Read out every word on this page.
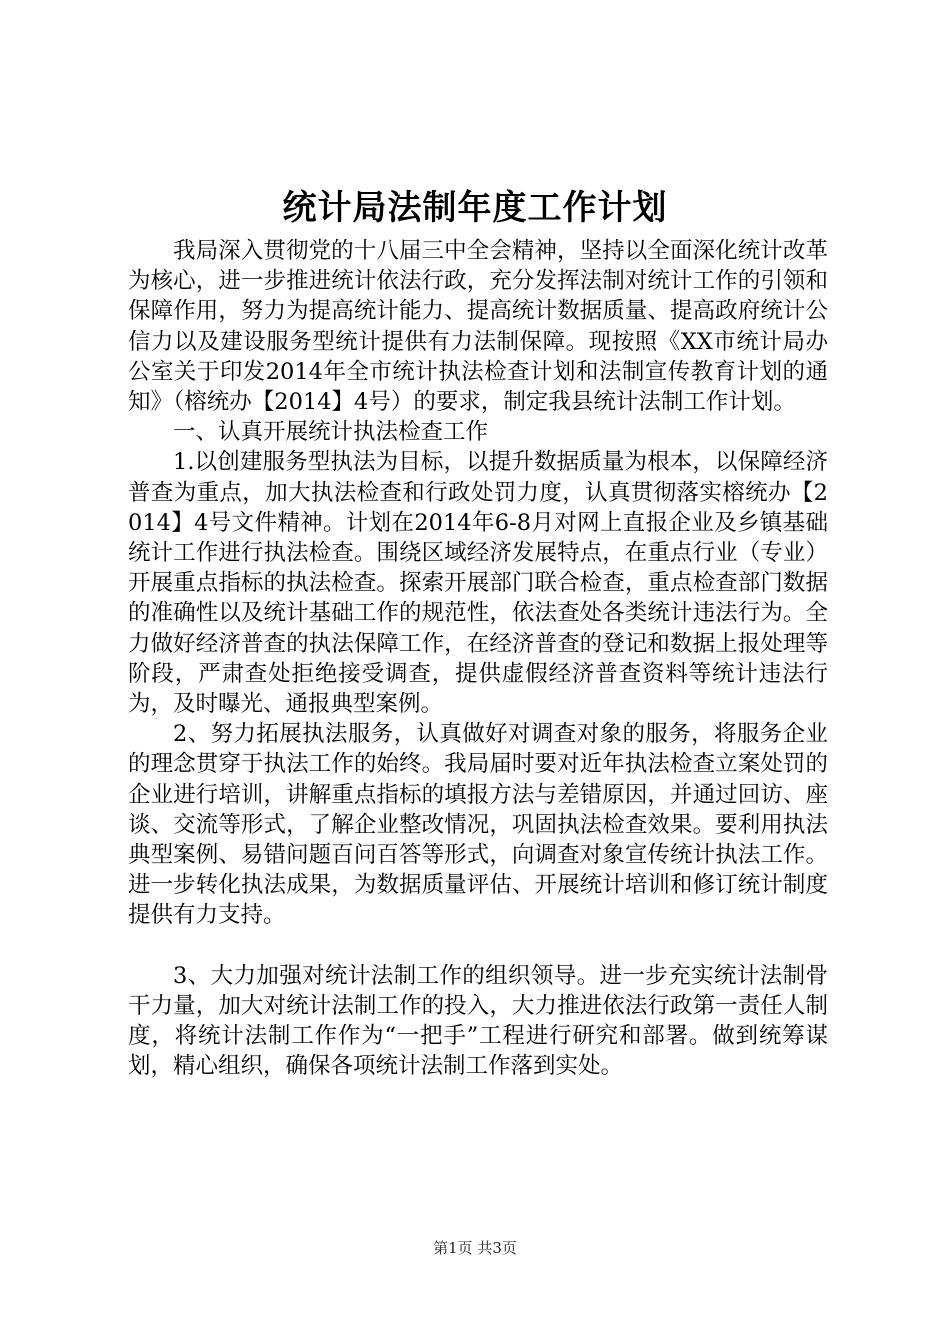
统计局法制年度工作计划

我局深入贯彻党的十八届三中全会精神，坚持以全面深化统计改革为核心，进一步推进统计依法行政，充分发挥法制对统计工作的引领和保障作用，努力为提高统计能力、提高统计数据质量、提高政府统计公信力以及建设服务型统计提供有力法制保障。现按照《XX市统计局办公室关于印发2014年全市统计执法检查计划和法制宣传教育计划的通知》（榕统办【2014】4号）的要求，制定我县统计法制工作计划。

一、认真开展统计执法检查工作

1.以创建服务型执法为目标，以提升数据质量为根本，以保障经济普查为重点，加大执法检查和行政处罚力度，认真贯彻落实榕统办【2014】4号文件精神。计划在2014年6-8月对网上直报企业及乡镇基础统计工作进行执法检查。围绕区域经济发展特点，在重点行业（专业）开展重点指标的执法检查。探索开展部门联合检查，重点检查部门数据的准确性以及统计基础工作的规范性，依法查处各类统计违法行为。全力做好经济普查的执法保障工作，在经济普查的登记和数据上报处理等阶段，严肃查处拒绝接受调查，提供虚假经济普查资料等统计违法行为，及时曝光、通报典型案例。

2、努力拓展执法服务，认真做好对调查对象的服务，将服务企业的理念贯穿于执法工作的始终。我局届时要对近年执法检查立案处罚的企业进行培训，讲解重点指标的填报方法与差错原因，并通过回访、座谈、交流等形式，了解企业整改情况，巩固执法检查效果。要利用执法典型案例、易错问题百问百答等形式，向调查对象宣传统计执法工作。进一步转化执法成果，为数据质量评估、开展统计培训和修订统计制度提供有力支持。

3、大力加强对统计法制工作的组织领导。进一步充实统计法制骨干力量，加大对统计法制工作的投入，大力推进依法行政第一责任人制度，将统计法制工作作为“一把手”工程进行研究和部署。做到统筹谋划，精心组织，确保各项统计法制工作落到实处。

第1页 共3页
